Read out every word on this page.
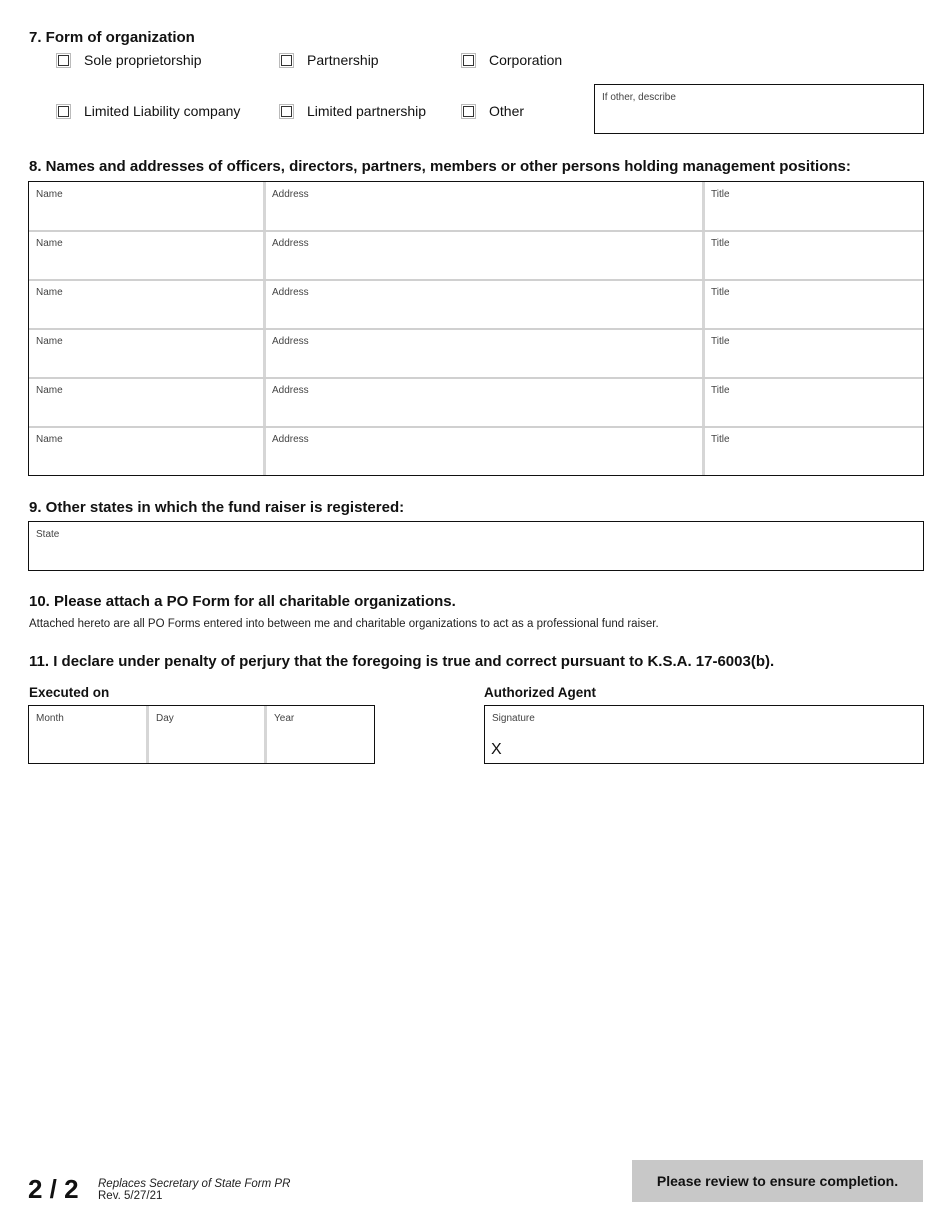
7. Form of organization
Sole proprietorship	Partnership	Corporation
Limited Liability company	Limited partnership	Other
If other, describe
8. Names and addresses of officers, directors, partners, members or other persons holding management positions:
Name	Address	Title
Name	Address	Title
Name	Address	Title
Name	Address	Title
Name	Address	Title
Name	Address	Title
9. Other states in which the fund raiser is registered:
State
10. Please attach a PO Form for all charitable organizations.
Attached hereto are all PO Forms entered into between me and charitable organizations to act as a professional fund raiser.
11. I declare under penalty of perjury that the foregoing is true and correct pursuant to K.S.A. 17-6003(b).
Executed on
Month	Day	Year
Authorized Agent
Signature
X
2 / 2 Replaces Secretary of State Form PR
Rev. 5/27/21
Please review to ensure completion.
